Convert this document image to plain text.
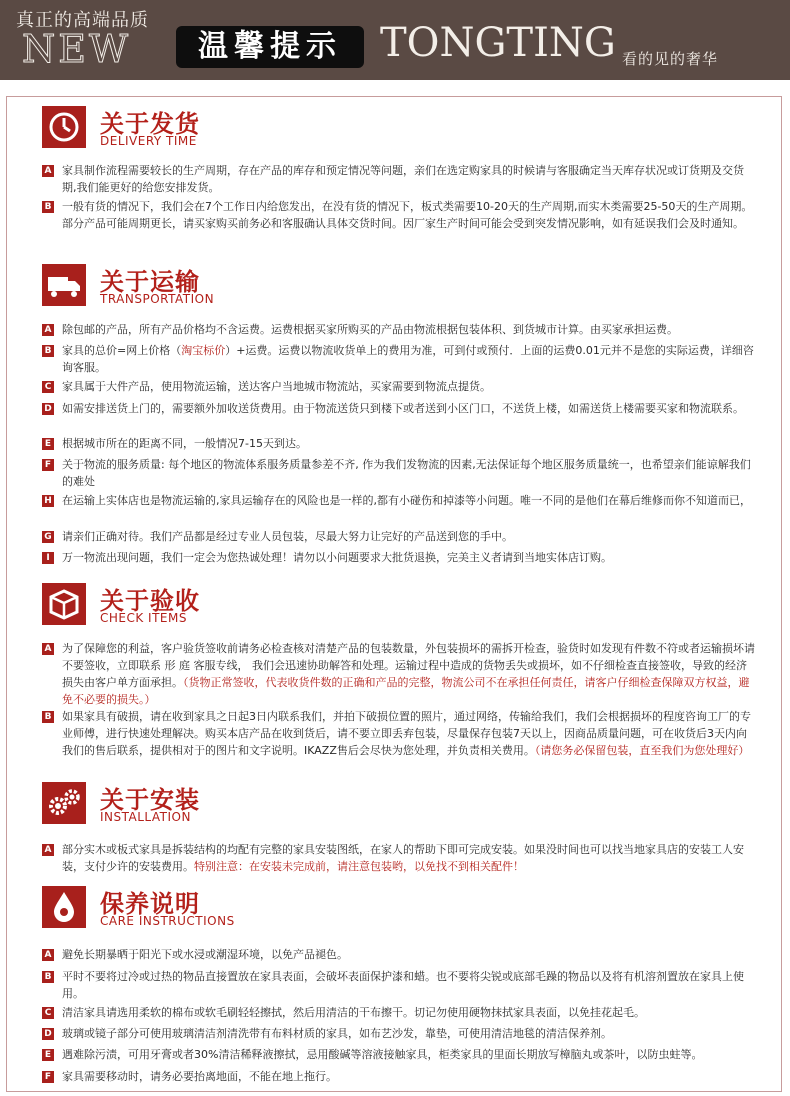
真正的高端品质
NEW	温馨提示 TONGTING 看的见的奢华
关于发货
DELIVERY TIME
A 家具制作流程需要较长的生产周期，存在产品的库存和预定情况等问题，亲们在选定购家具的时候请与客服确定当天库存状况或订货期及交货期,我们能更好的给您安排发货。
B 一般有货的情况下，我们会在7个工作日内给您发出，在没有货的情况下，板式类需要10-20天的生产周期,而实木类需要25-50天的生产周期。部分产品可能周期更长，请买家购买前务必和客服确认具体交货时间。因厂家生产时间可能会受到突发情况影响，如有延误我们会及时通知。
关于运输
TRANSPORTATION
A 除包邮的产品，所有产品价格均不含运费。运费根据买家所购买的产品由物流根据包装体积、到货城市计算。由买家承担运费。
B 家具的总价=网上价格（淘宝标价）+运费。运费以物流收货单上的费用为准，可到付或预付．上面的运费0.01元并不是您的实际运费，详细咨询客服。
C 家具属于大件产品，使用物流运输，送达客户当地城市物流站，买家需要到物流点提货。
D 如需安排送货上门的，需要额外加收送货费用。由于物流送货只到楼下或者送到小区门口，不送货上楼，如需送货上楼需要买家和物流联系。
E 根据城市所在的距离不同，一般情况7-15天到达。
F 关于物流的服务质量: 每个地区的物流体系服务质量参差不齐, 作为我们发物流的因素,无法保证每个地区服务质量统一，也希望亲们能谅解我们的难处
H 在运输上实体店也是物流运输的,家具运输存在的风险也是一样的,都有小碰伤和掉漆等小问题。唯一不同的是他们在幕后维修而你不知道而已，
G 请亲们正确对待。我们产品都是经过专业人员包装，尽最大努力让完好的产品送到您的手中。
I	万一物流出现问题，我们一定会为您热诚处理！请勿以小问题要求大批货退换，完美主义者请到当地实体店订购。
关于验收
CHECK ITEMS
A 为了保障您的利益，客户验货签收前请务必检查核对清楚产品的包装数量，外包装损坏的需拆开检查，验货时如发现有件数不符或者运输损坏请不要签收，立即联系 形 庭 客服专线， 我们会迅速协助解答和处理。运输过程中造成的货物丢失或损坏，如不仔细检查直接签收，导致的经济损失由客户单方面承担。（货物正常签收，代表收货件数的正确和产品的完整，物流公司不在承担任何责任，请客户仔细检查保障双方权益，避免不必要的损失。）
B 如果家具有破损，请在收到家具之日起3日内联系我们，并拍下破损位置的照片，通过网络，传输给我们，我们会根据损坏的程度咨询工厂的专业师傅，进行快速处理解决。购买本店产品在收到货后，请不要立即丢弃包装，尽量保存包装7天以上，因商品质量问题，可在收货后3天内向我们的售后联系，提供相对于的图片和文字说明。IKAZZ售后会尽快为您处理，并负责相关费用。（请您务必保留包装，直至我们为您处理好）
关于安装
INSTALLATION
A 部分实木或板式家具是拆装结构的均配有完整的家具安装图纸，在家人的帮助下即可完成安装。如果没时间也可以找当地家具店的安装工人安装，支付少许的安装费用。特别注意：在安装未完成前，请注意包装哟，以免找不到相关配件！
保养说明
CARE INSTRUCTIONS
A 避免长期暴晒于阳光下或水浸或潮湿环境，以免产品褪色。
B 平时不要将过冷或过热的物品直接置放在家具表面，会破坏表面保护漆和蜡。也不要将尖锐或底部毛躁的物品以及将有机溶剂置放在家具上使用。
C 清洁家具请选用柔软的棉布或软毛刷轻轻擦拭，然后用清洁的干布擦干。切记勿使用硬物抹拭家具表面，以免挂花起毛。
D 玻璃或镜子部分可使用玻璃清洁剂清洗带有布料材质的家具，如布艺沙发，靠垫，可使用清洁地毯的清洁保养剂。
E 遇难除污渍，可用牙膏或者30%清洁稀释液擦拭，忌用酸碱等溶液接触家具，柜类家具的里面长期放写樟脑丸或茶叶，以防虫蛀等。
F 家具需要移动时，请务必要抬离地面，不能在地上拖行。
